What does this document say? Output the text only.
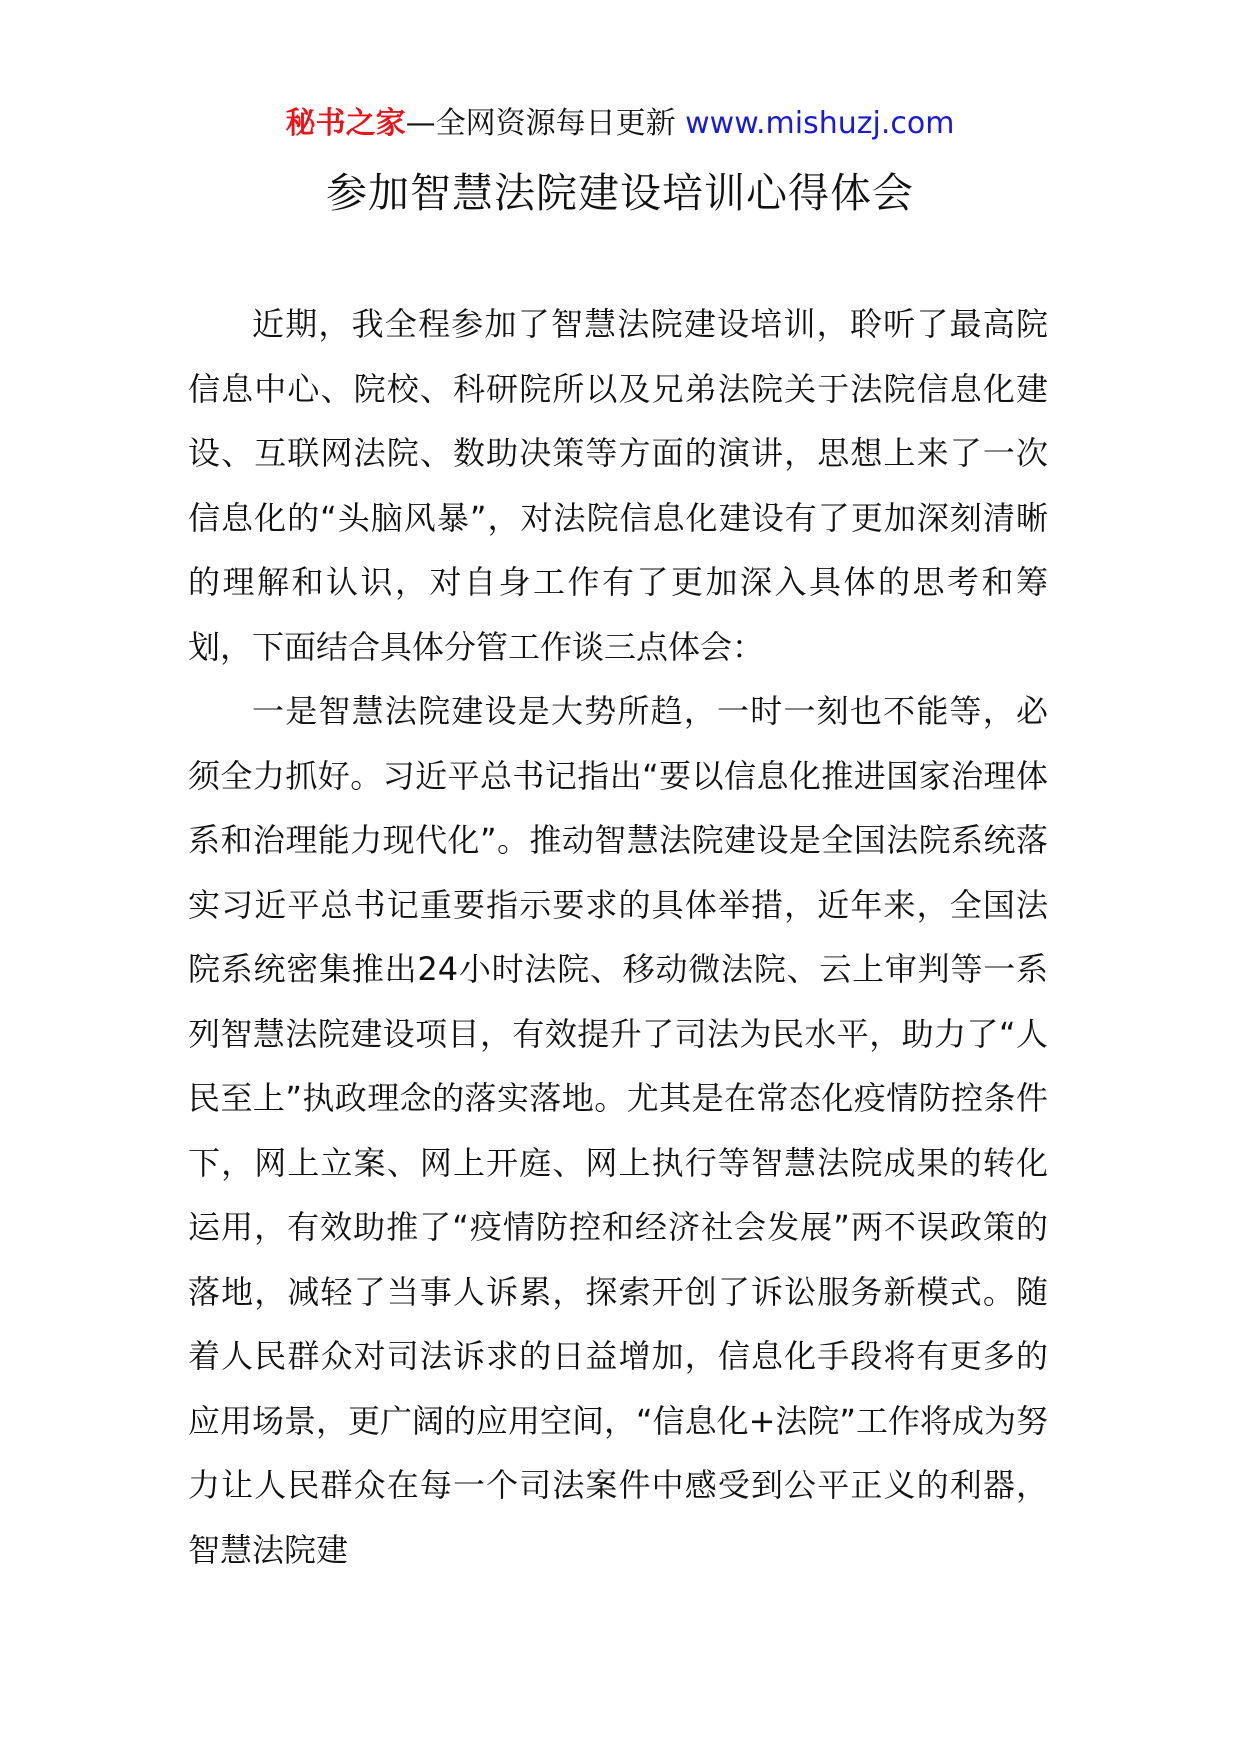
秘书之家—全网资源每日更新 www.mishuzj.com
参加智慧法院建设培训心得体会

近期，我全程参加了智慧法院建设培训，聆听了最高院信息中心、院校、科研院所以及兄弟法院关于法院信息化建设、互联网法院、数助决策等方面的演讲，思想上来了一次信息化的“头脑风暴”，对法院信息化建设有了更加深刻清晰的理解和认识，对自身工作有了更加深入具体的思考和筹划，下面结合具体分管工作谈三点体会：

一是智慧法院建设是大势所趋，一时一刻也不能等，必须全力抓好。习近平总书记指出“要以信息化推进国家治理体系和治理能力现代化”。推动智慧法院建设是全国法院系统落实习近平总书记重要指示要求的具体举措，近年来，全国法院系统密集推出24小时法院、移动微法院、云上审判等一系列智慧法院建设项目，有效提升了司法为民水平，助力了“人民至上”执政理念的落实落地。尤其是在常态化疫情防控条件下，网上立案、网上开庭、网上执行等智慧法院成果的转化运用，有效助推了“疫情防控和经济社会发展”两不误政策的落地，减轻了当事人诉累，探索开创了诉讼服务新模式。随着人民群众对司法诉求的日益增加，信息化手段将有更多的应用场景，更广阔的应用空间，“信息化+法院”工作将成为努力让人民群众在每一个司法案件中感受到公平正义的利器，智慧法院建
